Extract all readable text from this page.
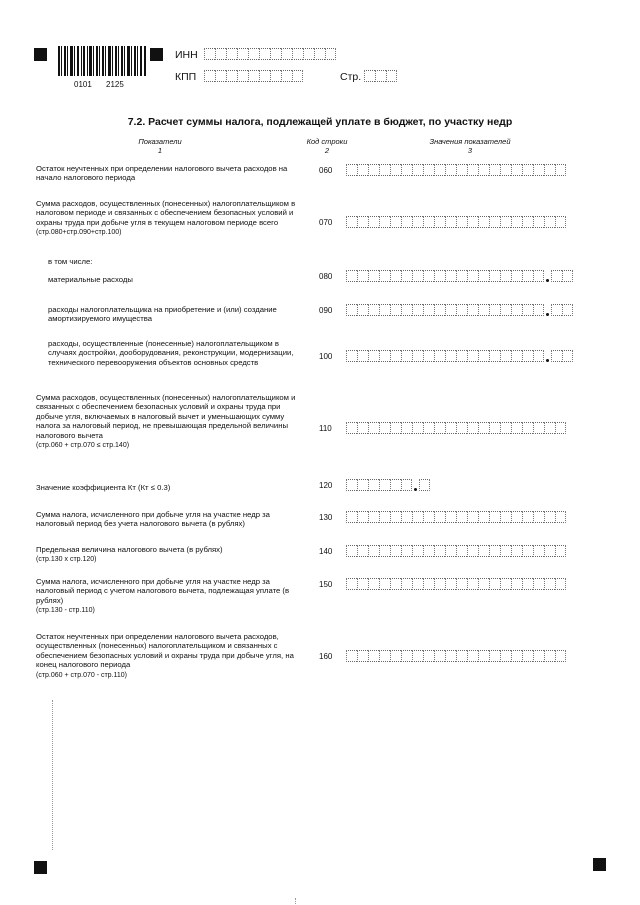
0101 2125
ИНН
КПП	Стр.
7.2. Расчет суммы налога, подлежащей уплате в бюджет, по участку недр
Показатели
1
Код строки
2
Значения показателей
3
Остаток неучтенных при определении налогового вычета расходов на начало налогового периода
060
Сумма расходов, осуществленных (понесенных) налогоплательщиком в налоговом периоде и связанных с обеспечением безопасных условий и охраны труда при добыче угля в текущем налоговом периоде всего
(стр.080+стр.090+стр.100)
070
в том числе:
материальные расходы	080
расходы налогоплательщика на приобретение и (или) создание амортизируемого имущества
090
расходы, осуществленные (понесенные) налогоплательщиком в случаях достройки, дооборудования, реконструкции, модернизации, технического перевооружения объектов основных средств
100
Сумма расходов, осуществленных (понесенных) налогоплательщиком и связанных с обеспечением безопасных условий и охраны труда при добыче угля, включаемых в налоговый вычет и уменьшающих сумму налога за налоговый период, не превышающая предельной величины налогового вычета
(стр.060 + стр.070 ≤ стр.140)
110
Значение коэффициента Кт (Кт ≤ 0.3)	120
Сумма налога, исчисленного при добыче угля на участке недр за налоговый период без учета налогового вычета (в рублях)
130
Предельная величина налогового вычета (в рублях)
(стр.130 x стр.120)
140
Сумма налога, исчисленного при добыче угля на участке недр за налоговый период с учетом налогового вычета, подлежащая уплате (в рублях)
(стр.130 - стр.110)
150
Остаток неучтенных при определении налогового вычета расходов, осуществленных (понесенных) налогоплательщиком и связанных с обеспечением безопасных условий и охраны труда при добыче угля, на конец налогового периода
(стр.060 + стр.070 - стр.110)
160
